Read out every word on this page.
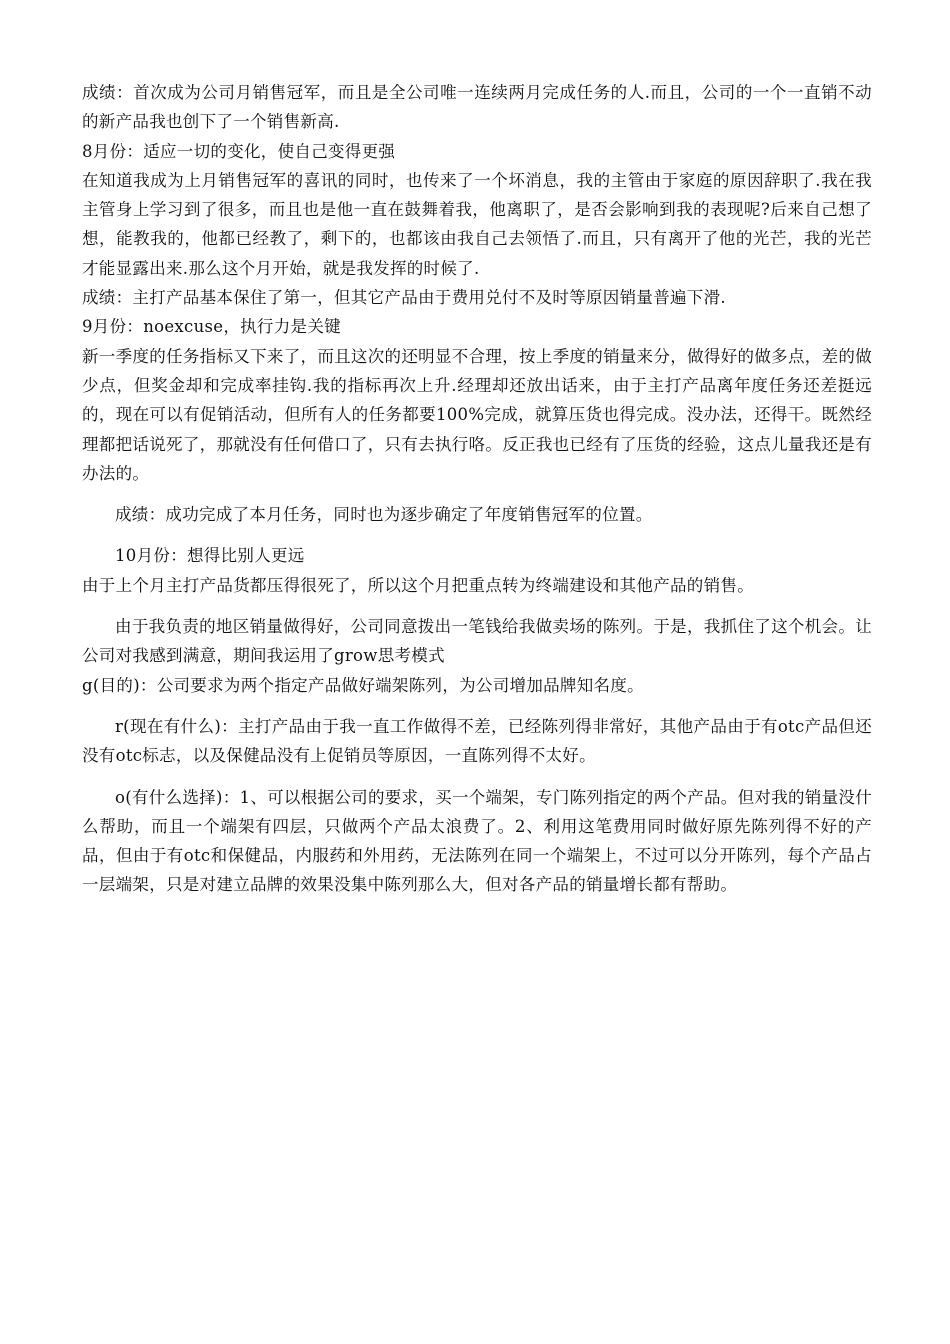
成绩：首次成为公司月销售冠军，而且是全公司唯一连续两月完成任务的人.而且，公司的一个一直销不动的新产品我也创下了一个销售新高.

8月份：适应一切的变化，使自己变得更强

在知道我成为上月销售冠军的喜讯的同时，也传来了一个坏消息，我的主管由于家庭的原因辞职了.我在我主管身上学习到了很多，而且也是他一直在鼓舞着我，他离职了，是否会影响到我的表现呢?后来自己想了想，能教我的，他都已经教了，剩下的，也都该由我自己去领悟了.而且，只有离开了他的光芒，我的光芒才能显露出来.那么这个月开始，就是我发挥的时候了.

成绩：主打产品基本保住了第一，但其它产品由于费用兑付不及时等原因销量普遍下滑.

9月份：noexcuse，执行力是关键

新一季度的任务指标又下来了，而且这次的还明显不合理，按上季度的销量来分，做得好的做多点，差的做少点，但奖金却和完成率挂钩.我的指标再次上升.经理却还放出话来，由于主打产品离年度任务还差挺远的，现在可以有促销活动，但所有人的任务都要100%完成，就算压货也得完成。没办法，还得干。既然经理都把话说死了，那就没有任何借口了，只有去执行咯。反正我也已经有了压货的经验，这点儿量我还是有办法的。

成绩：成功完成了本月任务，同时也为逐步确定了年度销售冠军的位置。

10月份：想得比别人更远

由于上个月主打产品货都压得很死了，所以这个月把重点转为终端建设和其他产品的销售。

由于我负责的地区销量做得好，公司同意拨出一笔钱给我做卖场的陈列。于是，我抓住了这个机会。让公司对我感到满意，期间我运用了grow思考模式

g(目的)：公司要求为两个指定产品做好端架陈列，为公司增加品牌知名度。

r(现在有什么)：主打产品由于我一直工作做得不差，已经陈列得非常好，其他产品由于有otc产品但还没有otc标志，以及保健品没有上促销员等原因，一直陈列得不太好。

o(有什么选择)：1、可以根据公司的要求，买一个端架，专门陈列指定的两个产品。但对我的销量没什么帮助，而且一个端架有四层，只做两个产品太浪费了。2、利用这笔费用同时做好原先陈列得不好的产品，但由于有otc和保健品，内服药和外用药，无法陈列在同一个端架上，不过可以分开陈列，每个产品占一层端架，只是对建立品牌的效果没集中陈列那么大，但对各产品的销量增长都有帮助。
